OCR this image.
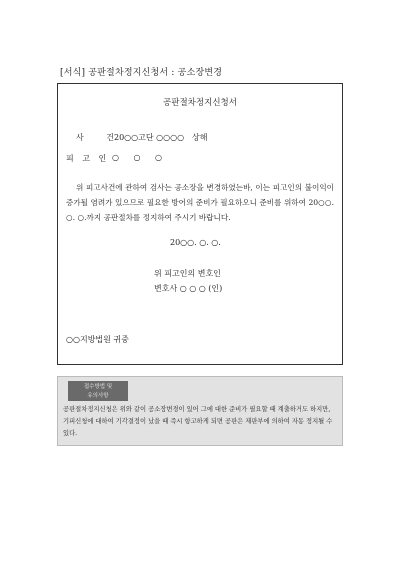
[서식] 공판절차정지신청서 : 공소장변경
공판절차정지신청서
사 건
20○○고단 ○○○○ 상해
피 고 인 ○ ○ ○
위 피고사건에 관하여 검사는 공소장을 변경하였는바, 이는 피고인의 불이익이 증가될 염려가 있으므로 필요한 방어의 준비가 필요하오니 준비를 위하여 20○○. ○. ○.까지 공판절차를 정지하여 주시기 바랍니다.
20○○. ○. ○.
위 피고인의 변호인
변호사 ○ ○ ○ (인)
○○지방법원 귀중
접수방법 및
유의사항
공판절차정지신청은 위와 같이 공소장변경이 있어 그에 대한 준비가 필요할 때 계출하거도 하지만, 기피신청에 대하여 기각결정이 났을 때 즉시 항고하게 되면 공판은 재판부에 의하여 자동 정지될 수 있다.
